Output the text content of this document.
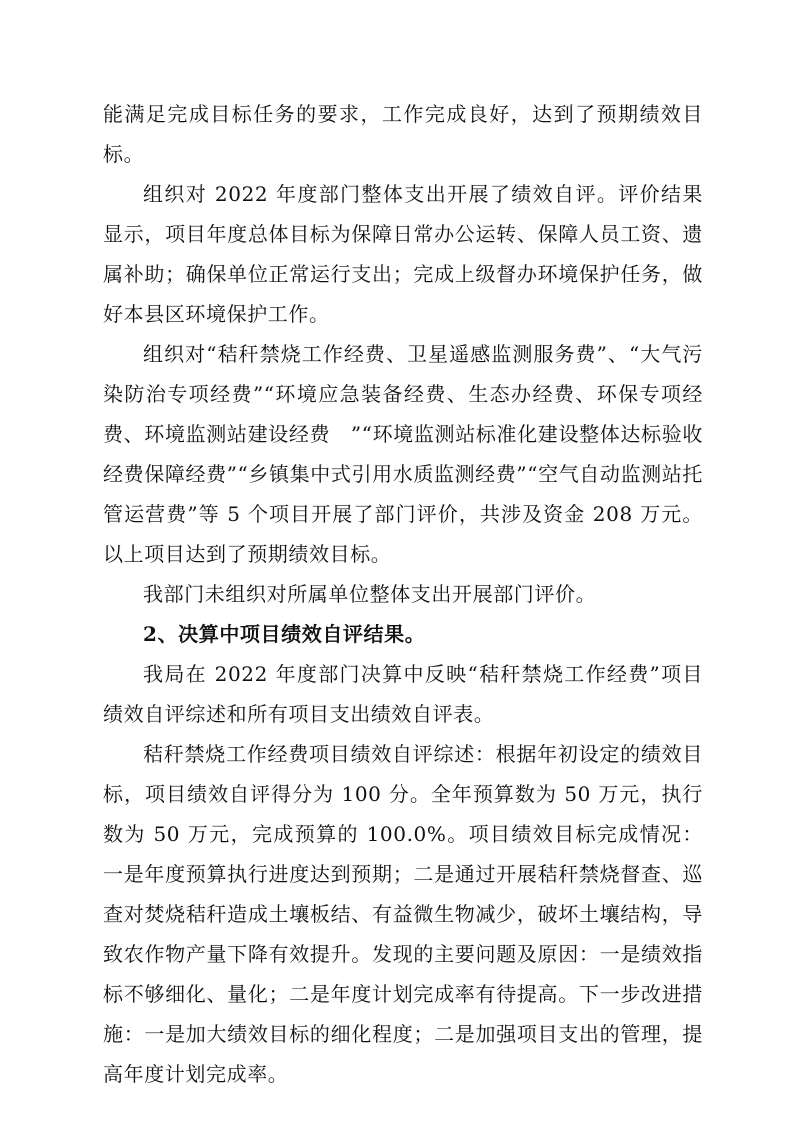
能满足完成目标任务的要求，工作完成良好，达到了预期绩效目标。

组织对 2022 年度部门整体支出开展了绩效自评。评价结果显示，项目年度总体目标为保障日常办公运转、保障人员工资、遗属补助；确保单位正常运行支出；完成上级督办环境保护任务，做好本县区环境保护工作。

组织对“秸秆禁烧工作经费、卫星遥感监测服务费”、“大气污染防治专项经费”“环境应急装备经费、生态办经费、环保专项经费、环境监测站建设经费　”“环境监测站标准化建设整体达标验收经费保障经费”“乡镇集中式引用水质监测经费”“空气自动监测站托管运营费”等 5 个项目开展了部门评价，共涉及资金 208 万元。以上项目达到了预期绩效目标。

我部门未组织对所属单位整体支出开展部门评价。

2、决算中项目绩效自评结果。

我局在 2022 年度部门决算中反映“秸秆禁烧工作经费”项目绩效自评综述和所有项目支出绩效自评表。

秸秆禁烧工作经费项目绩效自评综述：根据年初设定的绩效目标，项目绩效自评得分为 100 分。全年预算数为 50 万元，执行数为 50 万元，完成预算的 100.0%。项目绩效目标完成情况：一是年度预算执行进度达到预期；二是通过开展秸秆禁烧督查、巡查对焚烧秸秆造成土壤板结、有益微生物减少，破坏土壤结构，导致农作物产量下降有效提升。发现的主要问题及原因：一是绩效指标不够细化、量化；二是年度计划完成率有待提高。下一步改进措施：一是加大绩效目标的细化程度；二是加强项目支出的管理，提高年度计划完成率。
